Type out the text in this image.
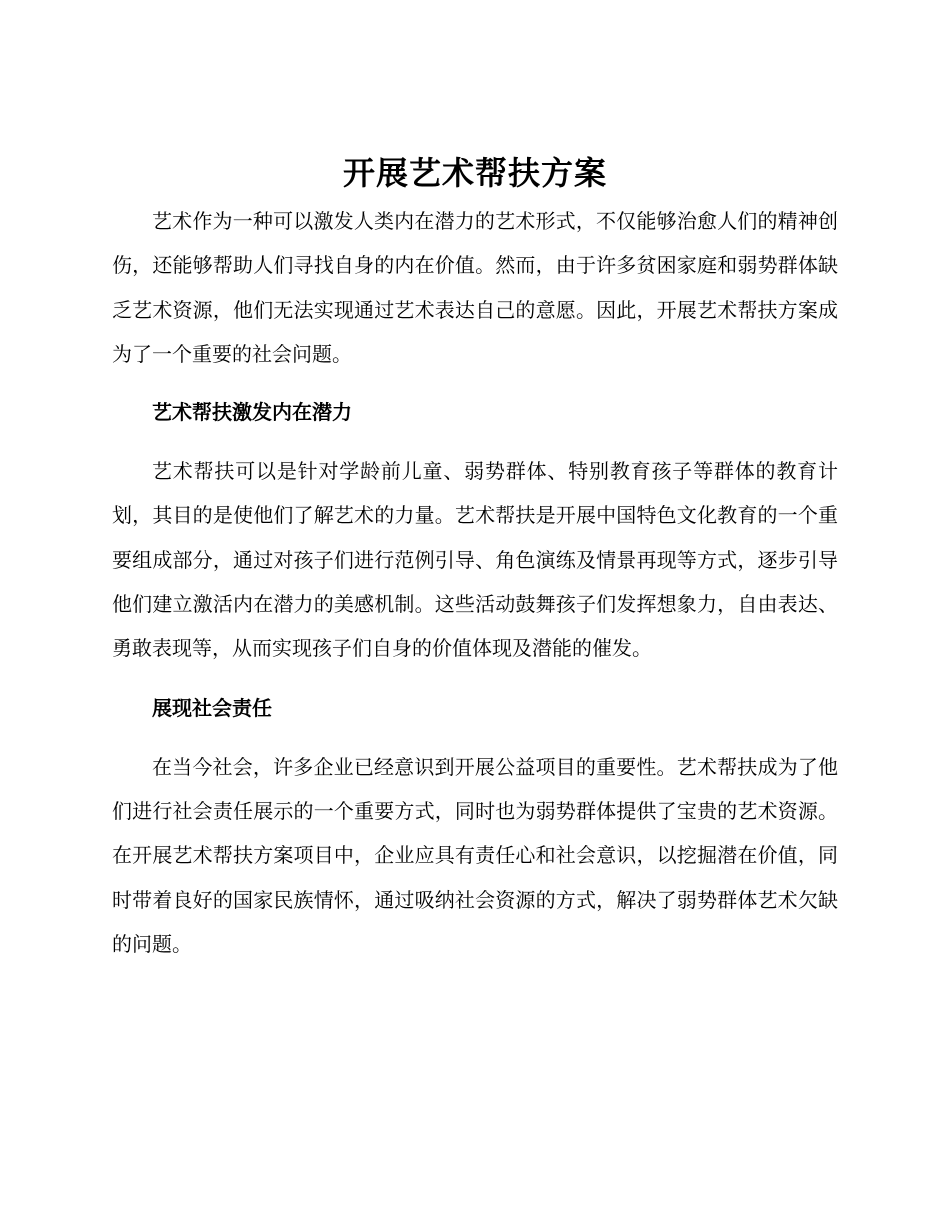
开展艺术帮扶方案

艺术作为一种可以激发人类内在潜力的艺术形式，不仅能够治愈人们的精神创伤，还能够帮助人们寻找自身的内在价值。然而，由于许多贫困家庭和弱势群体缺乏艺术资源，他们无法实现通过艺术表达自己的意愿。因此，开展艺术帮扶方案成为了一个重要的社会问题。

艺术帮扶激发内在潜力

艺术帮扶可以是针对学龄前儿童、弱势群体、特别教育孩子等群体的教育计划，其目的是使他们了解艺术的力量。艺术帮扶是开展中国特色文化教育的一个重要组成部分，通过对孩子们进行范例引导、角色演练及情景再现等方式，逐步引导他们建立激活内在潜力的美感机制。这些活动鼓舞孩子们发挥想象力，自由表达、勇敢表现等，从而实现孩子们自身的价值体现及潜能的催发。

展现社会责任

在当今社会，许多企业已经意识到开展公益项目的重要性。艺术帮扶成为了他们进行社会责任展示的一个重要方式，同时也为弱势群体提供了宝贵的艺术资源。在开展艺术帮扶方案项目中，企业应具有责任心和社会意识，以挖掘潜在价值，同时带着良好的国家民族情怀，通过吸纳社会资源的方式，解决了弱势群体艺术欠缺的问题。
